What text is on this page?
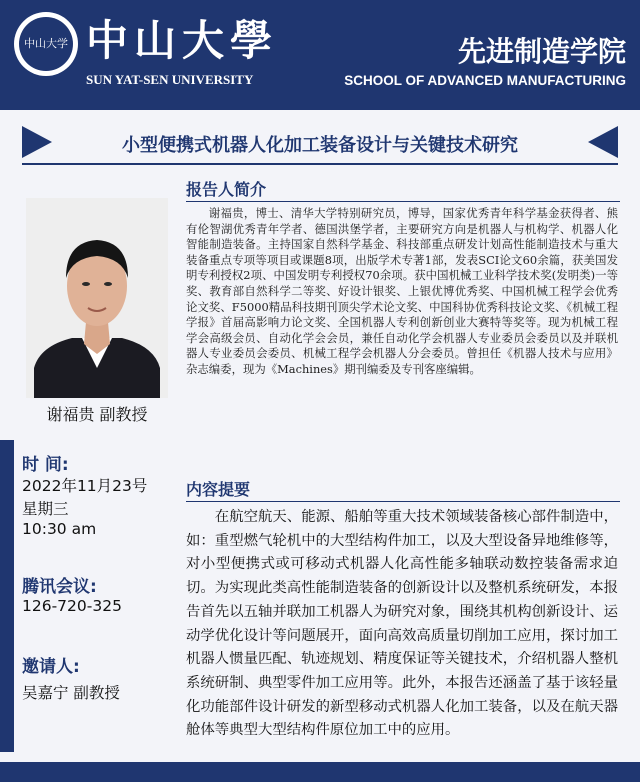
中山大学 中山大學
SUN YAT-SEN UNIVERSITY
先进制造学院
SCHOOL OF ADVANCED MANUFACTURING
小型便携式机器人化加工装备设计与关键技术研究
谢福贵 副教授
时 间:
2022年11月23号
星期三
10:30 am
腾讯会议:
126-720-325
邀请人:
吴嘉宁 副教授
报告人简介
谢福贵，博士、清华大学特别研究员，博导，国家优秀青年科学基金获得者、熊有伦智湖优秀青年学者、德国洪堡学者，主要研究方向是机器人与机构学、机器人化智能制造装备。主持国家自然科学基金、科技部重点研发计划高性能制造技术与重大装备重点专项等项目或课题8项，出版学术专著1部，发表SCI论文60余篇，获美国发明专利授权2项、中国发明专利授权70余项。获中国机械工业科学技术奖(发明类)一等奖、教育部自然科学二等奖、好设计银奖、上银优博优秀奖、中国机械工程学会优秀论文奖、F5000精品科技期刊顶尖学术论文奖、中国科协优秀科技论文奖、《机械工程学报》首届高影响力论文奖、全国机器人专利创新创业大赛特等奖等。现为机械工程学会高级会员、自动化学会会员，兼任自动化学会机器人专业委员会委员以及并联机器人专业委员会委员、机械工程学会机器人分会委员。曾担任《机器人技术与应用》杂志编委，现为《Machines》期刊编委及专刊客座编辑。
内容提要
在航空航天、能源、船舶等重大技术领域装备核心部件制造中，如：重型燃气轮机中的大型结构件加工，以及大型设备异地维修等，对小型便携式或可移动式机器人化高性能多轴联动数控装备需求迫切。为实现此类高性能制造装备的创新设计以及整机系统研发，本报告首先以五轴并联加工机器人为研究对象，围绕其机构创新设计、运动学优化设计等问题展开，面向高效高质量切削加工应用，探讨加工机器人惯量匹配、轨迹规划、精度保证等关键技术，介绍机器人整机系统研制、典型零件加工应用等。此外，本报告还涵盖了基于该轻量化功能部件设计研发的新型移动式机器人化加工装备，以及在航天器舱体等典型大型结构件原位加工中的应用。
